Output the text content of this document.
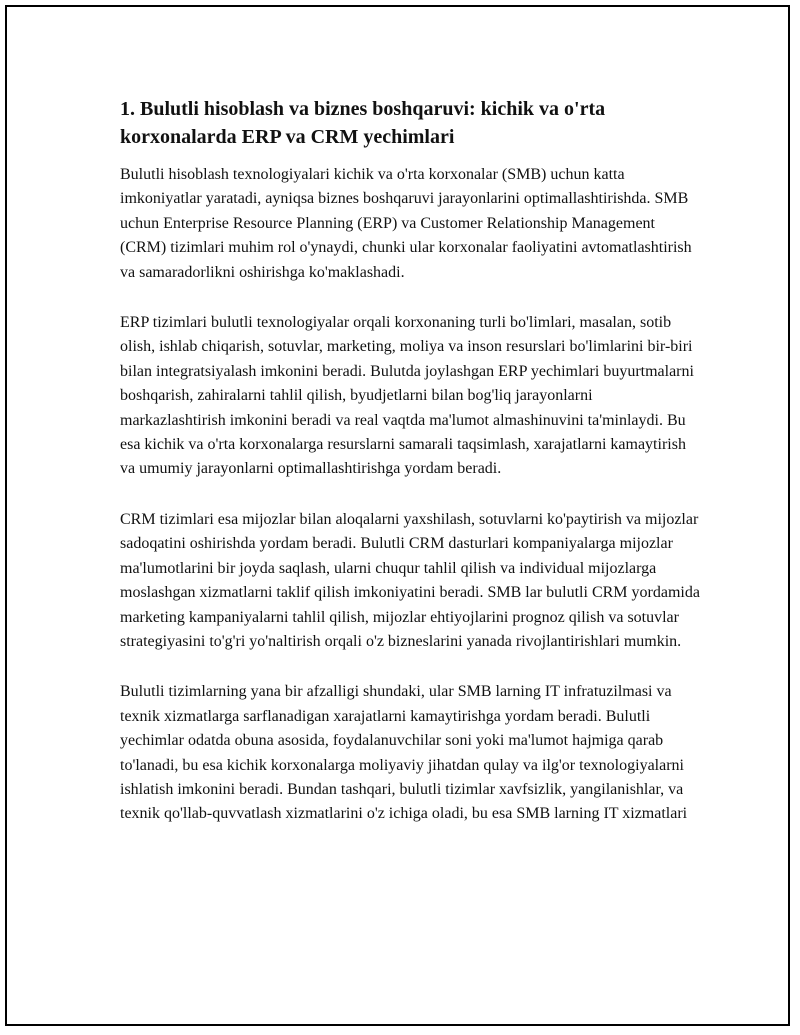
1. Bulutli hisoblash va biznes boshqaruvi: kichik va o'rta korxonalarda ERP va CRM yechimlari

Bulutli hisoblash texnologiyalari kichik va o'rta korxonalar (SMB) uchun katta imkoniyatlar yaratadi, ayniqsa biznes boshqaruvi jarayonlarini optimallashtirishda. SMB uchun Enterprise Resource Planning (ERP) va Customer Relationship Management (CRM) tizimlari muhim rol o'ynaydi, chunki ular korxonalar faoliyatini avtomatlashtirish va samaradorlikni oshirishga ko'maklashadi.

ERP tizimlari bulutli texnologiyalar orqali korxonaning turli bo'limlari, masalan, sotib olish, ishlab chiqarish, sotuvlar, marketing, moliya va inson resurslari bo'limlarini bir-biri bilan integratsiyalash imkonini beradi. Bulutda joylashgan ERP yechimlari buyurtmalarni boshqarish, zahiralarni tahlil qilish, byudjetlarni bilan bog'liq jarayonlarni markazlashtirish imkonini beradi va real vaqtda ma'lumot almashinuvini ta'minlaydi. Bu esa kichik va o'rta korxonalarga resurslarni samarali taqsimlash, xarajatlarni kamaytirish va umumiy jarayonlarni optimallashtirishga yordam beradi.

CRM tizimlari esa mijozlar bilan aloqalarni yaxshilash, sotuvlarni ko'paytirish va mijozlar sadoqatini oshirishda yordam beradi. Bulutli CRM dasturlari kompaniyalarga mijozlar ma'lumotlarini bir joyda saqlash, ularni chuqur tahlil qilish va individual mijozlarga moslashgan xizmatlarni taklif qilish imkoniyatini beradi. SMB lar bulutli CRM yordamida marketing kampaniyalarni tahlil qilish, mijozlar ehtiyojlarini prognoz qilish va sotuvlar strategiyasini to'g'ri yo'naltirish orqali o'z bizneslarini yanada rivojlantirishlari mumkin.

Bulutli tizimlarning yana bir afzalligi shundaki, ular SMB larning IT infratuzilmasi va texnik xizmatlarga sarflanadigan xarajatlarni kamaytirishga yordam beradi. Bulutli yechimlar odatda obuna asosida, foydalanuvchilar soni yoki ma'lumot hajmiga qarab to'lanadi, bu esa kichik korxonalarga moliyaviy jihatdan qulay va ilg'or texnologiyalarni ishlatish imkonini beradi. Bundan tashqari, bulutli tizimlar xavfsizlik, yangilanishlar, va texnik qo'llab-quvvatlash xizmatlarini o'z ichiga oladi, bu esa SMB larning IT xizmatlari
